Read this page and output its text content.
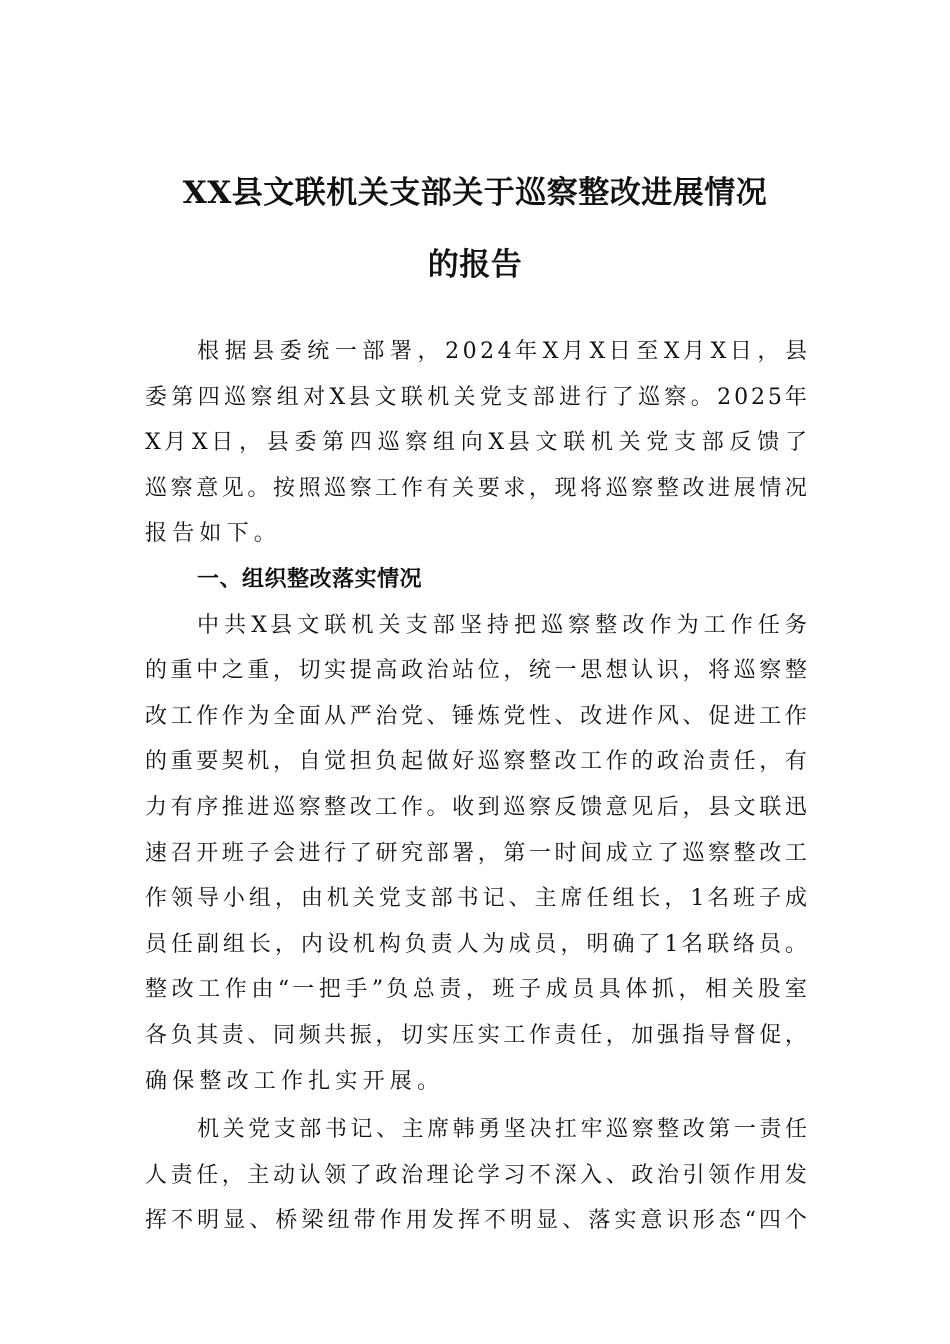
XX县文联机关支部关于巡察整改进展情况
的报告
根 据 县 委 统 一 部 署 ， 2 0 2 4 年 X 月 X 日 至 X 月 X 日 ， 县
委 第 四 巡 察 组 对 X 县 文 联 机 关 党 支 部 进 行 了 巡 察 。 2 0 2 5 年
X 月 X 日 ， 县 委 第 四 巡 察 组 向 X 县 文 联 机 关 党 支 部 反 馈 了
巡 察 意 见 。 按 照 巡 察 工 作 有 关 要 求 ， 现 将 巡 察 整 改 进 展 情 况
报告如下。
一、组织整改落实情况
中 共 X 县 文 联 机 关 支 部 坚 持 把 巡 察 整 改 作 为 工 作 任 务
的 重 中 之 重 ， 切 实 提 高 政 治 站 位 ， 统 一 思 想 认 识 ， 将 巡 察 整
改 工 作 作 为 全 面 从 严 治 党 、 锤 炼 党 性 、 改 进 作 风 、 促 进 工 作
的 重 要 契 机 ， 自 觉 担 负 起 做 好 巡 察 整 改 工 作 的 政 治 责 任 ， 有
力 有 序 推 进 巡 察 整 改 工 作 。 收 到 巡 察 反 馈 意 见 后 ， 县 文 联 迅
速 召 开 班 子 会 进 行 了 研 究 部 署 ， 第 一 时 间 成 立 了 巡 察 整 改 工
作 领 导 小 组 ， 由 机 关 党 支 部 书 记 、 主 席 任 组 长 ， 1 名 班 子 成
员 任 副 组 长 ， 内 设 机 构 负 责 人 为 成 员 ， 明 确 了 1 名 联 络 员 。
整 改 工 作 由 “ 一 把 手 ” 负 总 责 ， 班 子 成 员 具 体 抓 ， 相 关 股 室
各 负 其 责 、 同 频 共 振 ， 切 实 压 实 工 作 责 任 ， 加 强 指 导 督 促 ，
确保整改工作扎实开展。
机 关 党 支 部 书 记 、 主 席 韩 勇 坚 决 扛 牢 巡 察 整 改 第 一 责 任
人 责 任 ， 主 动 认 领 了 政 治 理 论 学 习 不 深 入 、 政 治 引 领 作 用 发
挥 不 明 显 、 桥 梁 纽 带 作 用 发 挥 不 明 显 、 落 实 意 识 形 态 “ 四 个
